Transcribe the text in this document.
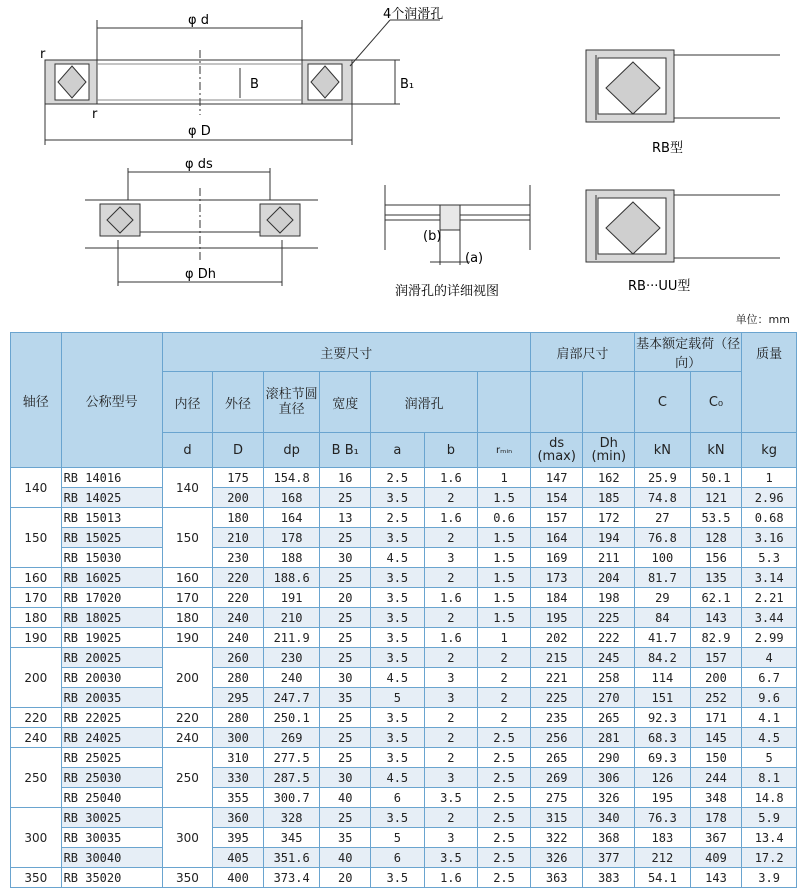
φ d
φ D
B	B₁
r
r
4个润滑孔
φ ds
φ Dh
(b)
(a)
润滑孔的详细视图
RB型
RB···UU型
单位：mm
轴径	公称型号	主要尺寸							肩部尺寸		基本额定载荷（径向）		质量
		内径	外径	滚柱节圆直径	宽度	润滑孔					C	C₀	
		d	D	dp	B B₁	a	b	rₘᵢₙ	ds (max)	Dh (min)	kN	kN	kg
140	RB 14016	140	175	154.8	16	2.5	1.6	1	147	162	25.9	50.1	1
	RB 14025		200	168	25	3.5	2	1.5	154	185	74.8	121	2.96
150	RB 15013	150	180	164	13	2.5	1.6	0.6	157	172	27	53.5	0.68
	RB 15025		210	178	25	3.5	2	1.5	164	194	76.8	128	3.16
	RB 15030		230	188	30	4.5	3	1.5	169	211	100	156	5.3
160	RB 16025	160	220	188.6	25	3.5	2	1.5	173	204	81.7	135	3.14
170	RB 17020	170	220	191	20	3.5	1.6	1.5	184	198	29	62.1	2.21
180	RB 18025	180	240	210	25	3.5	2	1.5	195	225	84	143	3.44
190	RB 19025	190	240	211.9	25	3.5	1.6	1	202	222	41.7	82.9	2.99
200	RB 20025	200	260	230	25	3.5	2	2	215	245	84.2	157	4
	RB 20030		280	240	30	4.5	3	2	221	258	114	200	6.7
	RB 20035		295	247.7	35	5	3	2	225	270	151	252	9.6
220	RB 22025	220	280	250.1	25	3.5	2	2	235	265	92.3	171	4.1
240	RB 24025	240	300	269	25	3.5	2	2.5	256	281	68.3	145	4.5
250	RB 25025	250	310	277.5	25	3.5	2	2.5	265	290	69.3	150	5
	RB 25030		330	287.5	30	4.5	3	2.5	269	306	126	244	8.1
	RB 25040		355	300.7	40	6	3.5	2.5	275	326	195	348	14.8
300	RB 30025	300	360	328	25	3.5	2	2.5	315	340	76.3	178	5.9
	RB 30035		395	345	35	5	3	2.5	322	368	183	367	13.4
	RB 30040		405	351.6	40	6	3.5	2.5	326	377	212	409	17.2
350	RB 35020	350	400	373.4	20	3.5	1.6	2.5	363	383	54.1	143	3.9
